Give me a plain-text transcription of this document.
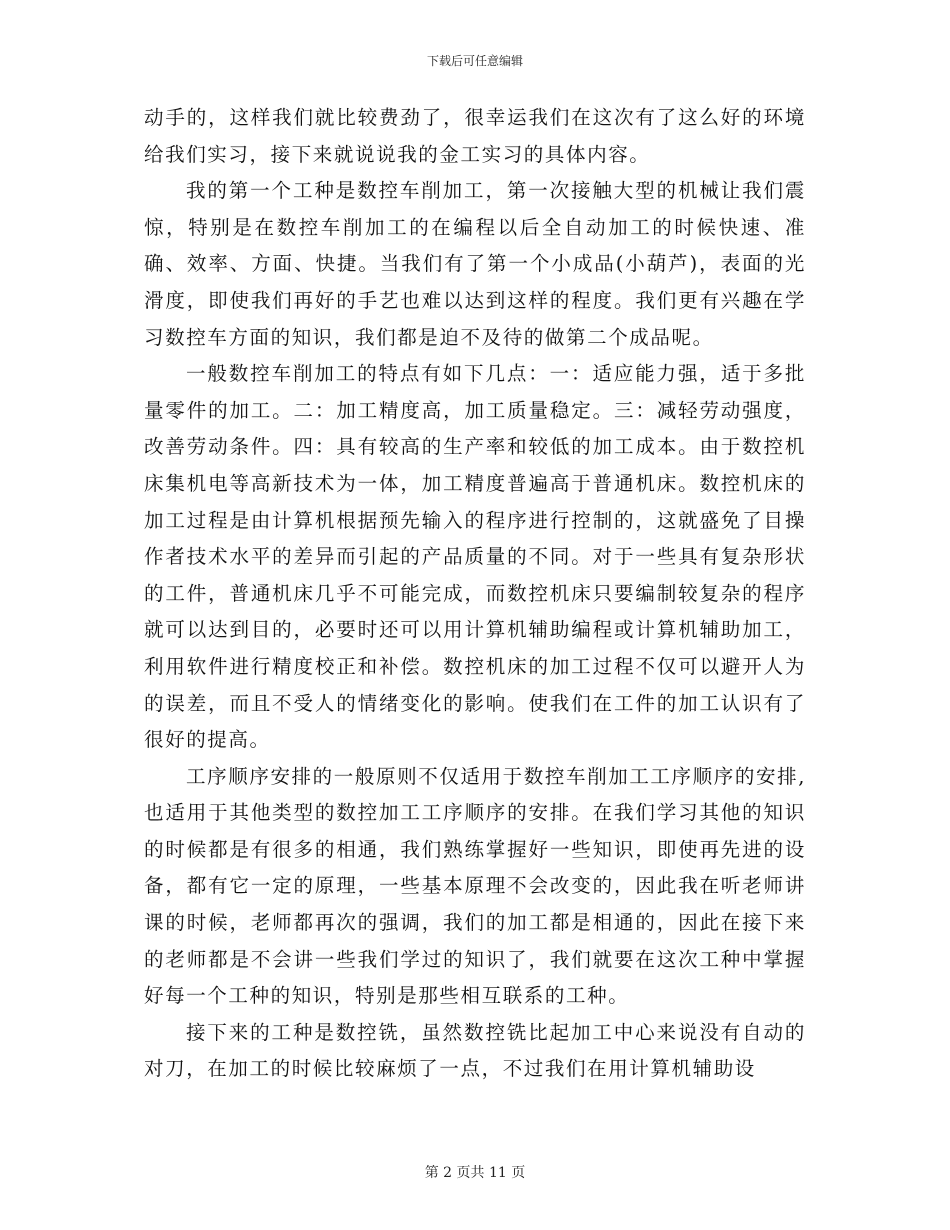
下载后可任意编辑

动手的，这样我们就比较费劲了，很幸运我们在这次有了这么好的环境给我们实习，接下来就说说我的金工实习的具体内容。

我的第一个工种是数控车削加工，第一次接触大型的机械让我们震惊，特别是在数控车削加工的在编程以后全自动加工的时候快速、准确、效率、方面、快捷。当我们有了第一个小成品(小葫芦)，表面的光滑度，即使我们再好的手艺也难以达到这样的程度。我们更有兴趣在学习数控车方面的知识，我们都是迫不及待的做第二个成品呢。

一般数控车削加工的特点有如下几点：一：适应能力强，适于多批量零件的加工。二：加工精度高，加工质量稳定。三：减轻劳动强度，改善劳动条件。四：具有较高的生产率和较低的加工成本。由于数控机床集机电等高新技术为一体，加工精度普遍高于普通机床。数控机床的加工过程是由计算机根据预先输入的程序进行控制的，这就盛免了目操作者技术水平的差异而引起的产品质量的不同。对于一些具有复杂形状的工件，普通机床几乎不可能完成，而数控机床只要编制较复杂的程序就可以达到目的，必要时还可以用计算机辅助编程或计算机辅助加工，利用软件进行精度校正和补偿。数控机床的加工过程不仅可以避开人为的误差，而且不受人的情绪变化的影响。使我们在工件的加工认识有了很好的提高。

工序顺序安排的一般原则不仅适用于数控车削加工工序顺序的安排,也适用于其他类型的数控加工工序顺序的安排。在我们学习其他的知识的时候都是有很多的相通，我们熟练掌握好一些知识，即使再先进的设备，都有它一定的原理，一些基本原理不会改变的，因此我在听老师讲课的时候，老师都再次的强调，我们的加工都是相通的，因此在接下来的老师都是不会讲一些我们学过的知识了，我们就要在这次工种中掌握好每一个工种的知识，特别是那些相互联系的工种。

接下来的工种是数控铣，虽然数控铣比起加工中心来说没有自动的对刀，在加工的时候比较麻烦了一点，不过我们在用计算机辅助设

第 2 页共 11 页
